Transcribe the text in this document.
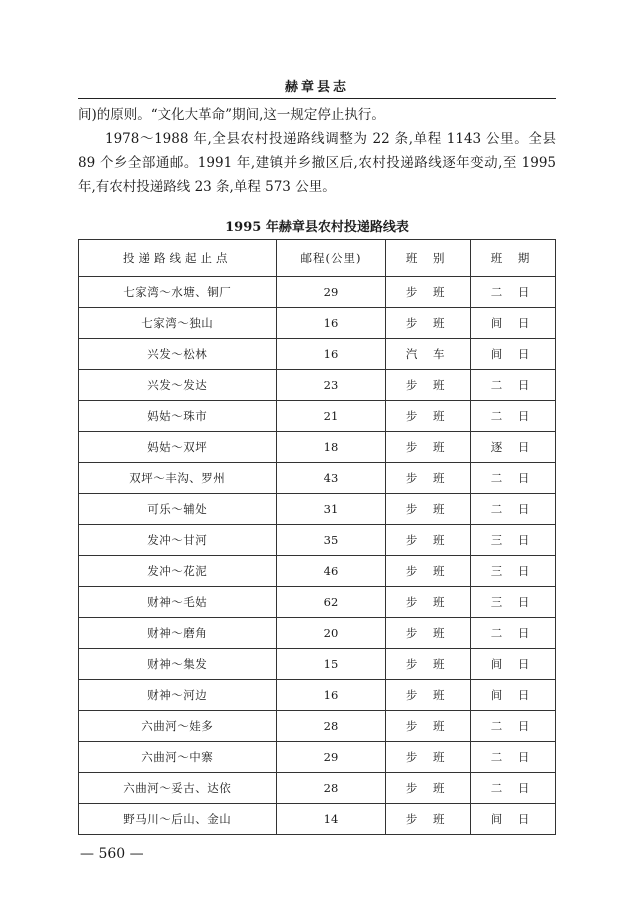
赫章县志

间)的原则。“文化大革命”期间,这一规定停止执行。

1978～1988 年,全县农村投递路线调整为 22 条,单程 1143 公里。全县 89 个乡全部通邮。1991 年,建镇并乡撤区后,农村投递路线逐年变动,至 1995 年,有农村投递路线 23 条,单程 573 公里。

1995 年赫章县农村投递路线表
投递路线起止点	邮程(公里)	班 别	班 期
七家湾～水塘、铜厂	29	步 班	二 日
七家湾～独山	16	步 班	间 日
兴发～松林	16	汽 车	间 日
兴发～发达	23	步 班	二 日
妈姑～珠市	21	步 班	二 日
妈姑～双坪	18	步 班	逐 日
双坪～丰沟、罗州	43	步 班	二 日
可乐～辅处	31	步 班	二 日
发冲～甘河	35	步 班	三 日
发冲～花泥	46	步 班	三 日
财神～毛姑	62	步 班	三 日
财神～磨角	20	步 班	二 日
财神～集发	15	步 班	间 日
财神～河边	16	步 班	间 日
六曲河～娃多	28	步 班	二 日
六曲河～中寨	29	步 班	二 日
六曲河～妥古、达依	28	步 班	二 日
野马川～后山、金山	14	步 班	间 日
— 560 —
